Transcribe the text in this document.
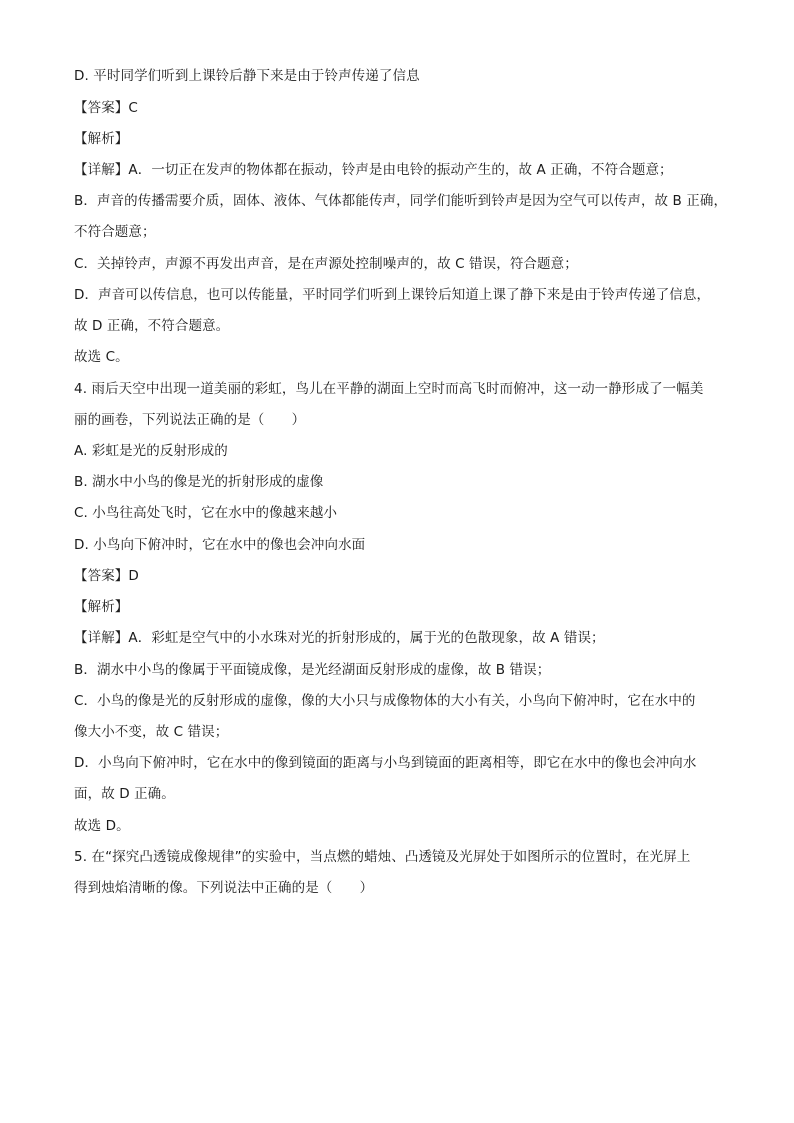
D. 平时同学们听到上课铃后静下来是由于铃声传递了信息
【答案】C
【解析】
【详解】A．一切正在发声的物体都在振动，铃声是由电铃的振动产生的，故 A 正确，不符合题意；
B．声音的传播需要介质，固体、液体、气体都能传声，同学们能听到铃声是因为空气可以传声，故 B 正确，
不符合题意；
C．关掉铃声，声源不再发出声音，是在声源处控制噪声的，故 C 错误，符合题意；
D．声音可以传信息，也可以传能量，平时同学们听到上课铃后知道上课了静下来是由于铃声传递了信息，
故 D 正确，不符合题意。
故选 C。
4. 雨后天空中出现一道美丽的彩虹，鸟儿在平静的湖面上空时而高飞时而俯冲，这一动一静形成了一幅美
丽的画卷，下列说法正确的是（　　）
A. 彩虹是光的反射形成的
B. 湖水中小鸟的像是光的折射形成的虚像
C. 小鸟往高处飞时，它在水中的像越来越小
D. 小鸟向下俯冲时，它在水中的像也会冲向水面
【答案】D
【解析】
【详解】A．彩虹是空气中的小水珠对光的折射形成的，属于光的色散现象，故 A 错误；
B．湖水中小鸟的像属于平面镜成像，是光经湖面反射形成的虚像，故 B 错误；
C．小鸟的像是光的反射形成的虚像，像的大小只与成像物体的大小有关，小鸟向下俯冲时，它在水中的
像大小不变，故 C 错误；
D．小鸟向下俯冲时，它在水中的像到镜面的距离与小鸟到镜面的距离相等，即它在水中的像也会冲向水
面，故 D 正确。
故选 D。
5. 在“探究凸透镜成像规律”的实验中，当点燃的蜡烛、凸透镜及光屏处于如图所示的位置时，在光屏上
得到烛焰清晰的像。下列说法中正确的是（　　）
